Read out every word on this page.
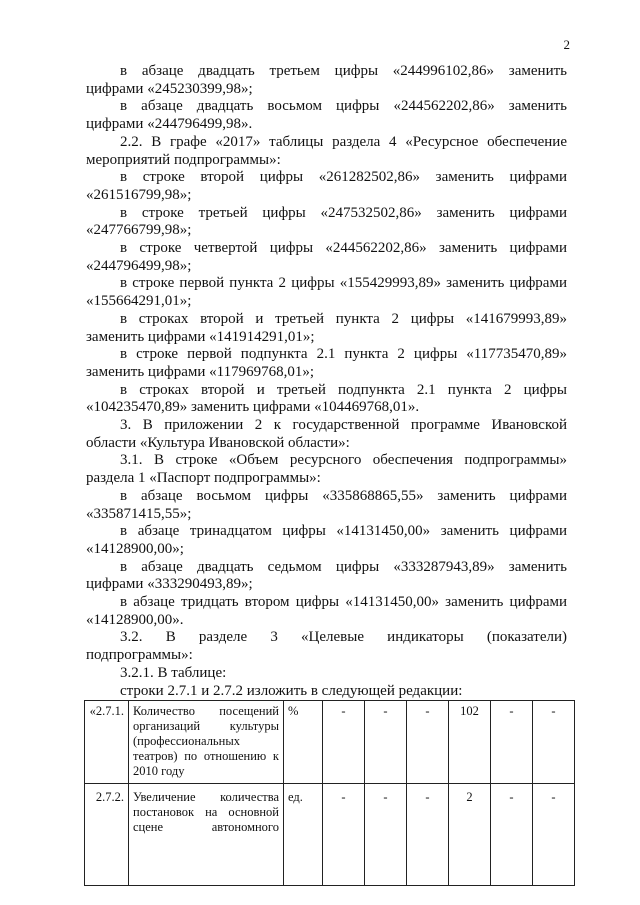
2
в абзаце двадцать третьем цифры «244996102,86» заменить
цифрами «245230399,98»;
в абзаце двадцать восьмом цифры «244562202,86» заменить
цифрами «244796499,98».
2.2. В графе «2017» таблицы раздела 4 «Ресурсное обеспечение
мероприятий подпрограммы»:
в строке второй цифры «261282502,86» заменить цифрами
«261516799,98»;
в строке третьей цифры «247532502,86» заменить цифрами
«247766799,98»;
в строке четвертой цифры «244562202,86» заменить цифрами
«244796499,98»;
в строке первой пункта 2 цифры «155429993,89» заменить цифрами
«155664291,01»;
в строках второй и третьей пункта 2 цифры «141679993,89»
заменить цифрами «141914291,01»;
в строке первой подпункта 2.1 пункта 2 цифры «117735470,89»
заменить цифрами «117969768,01»;
в строках второй и третьей подпункта 2.1 пункта 2 цифры
«104235470,89» заменить цифрами «104469768,01».
3. В приложении 2 к государственной программе Ивановской
области «Культура Ивановской области»:
3.1. В строке «Объем ресурсного обеспечения подпрограммы»
раздела 1 «Паспорт подпрограммы»:
в абзаце восьмом цифры «335868865,55» заменить цифрами
«335871415,55»;
в абзаце тринадцатом цифры «14131450,00» заменить цифрами
«14128900,00»;
в абзаце двадцать седьмом цифры «333287943,89» заменить
цифрами «333290493,89»;
в абзаце тридцать втором цифры «14131450,00» заменить цифрами
«14128900,00».
3.2. В разделе 3 «Целевые индикаторы (показатели)
подпрограммы»:
3.2.1. В таблице:
строки 2.7.1 и 2.7.2 изложить в следующей редакции:
«2.7.1.	Количество посещений
организаций культуры
(профессиональных
театров) по отношению к
2010 году	%	-	-	-	102	-	-
2.7.2.	Увеличение количества
постановок на основной
сцене автономного	ед.	-	-	-	2	-	-
